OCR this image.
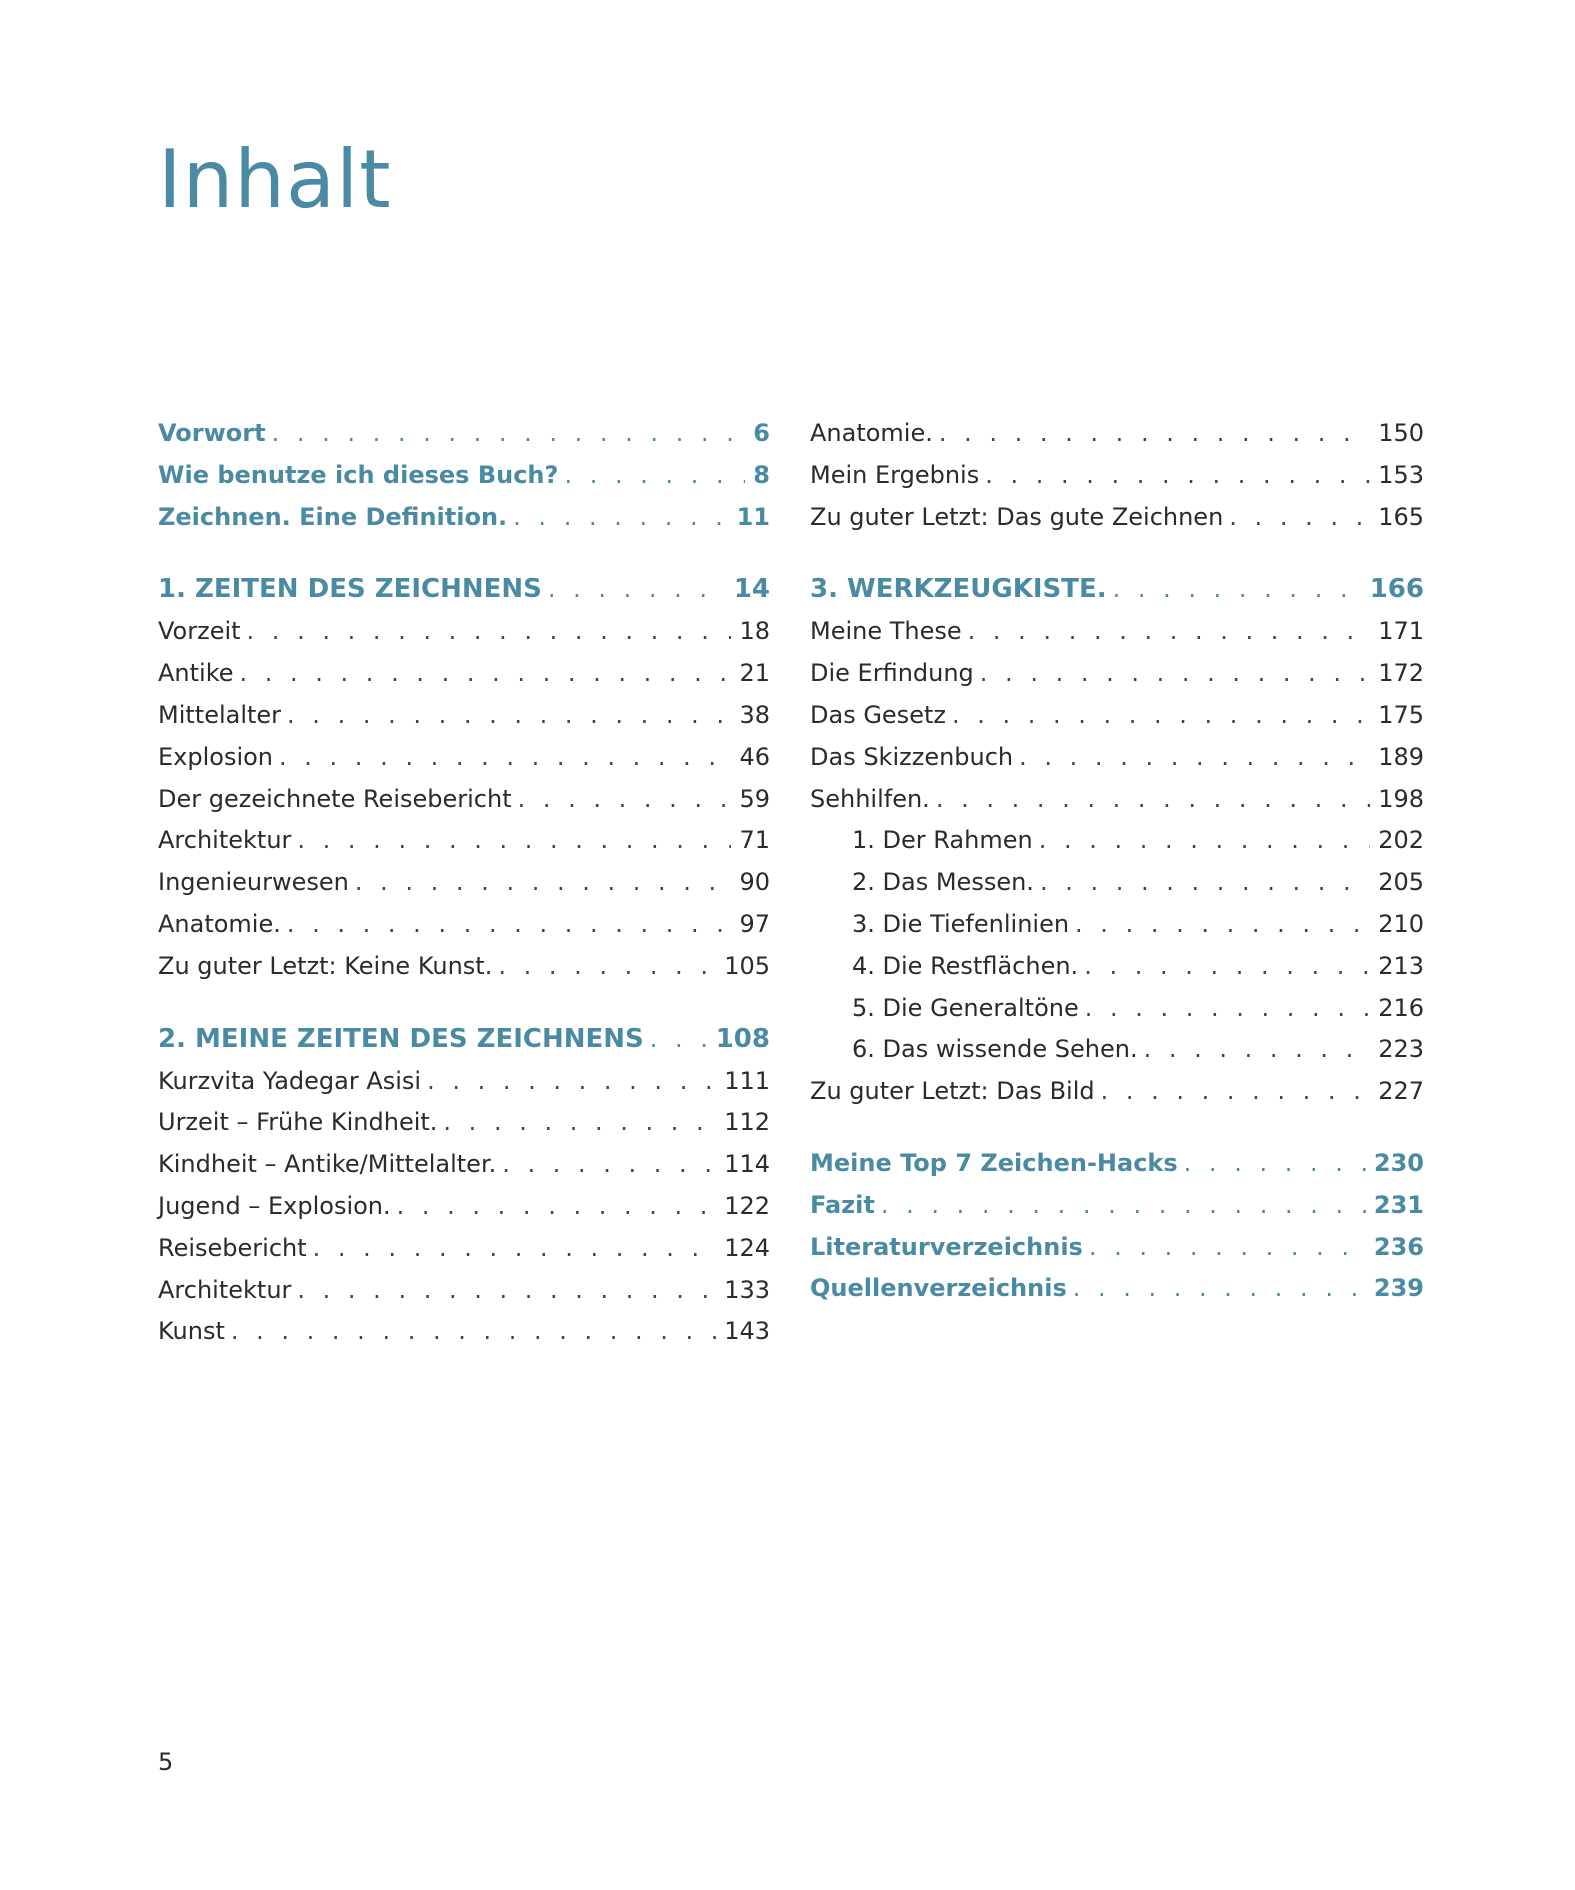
Inhalt
Vorwort . . .	6
Wie benutze ich dieses Buch? . . .	8
Zeichnen. Eine Definition. . . .	11
1. ZEITEN DES ZEICHNENS . . .	14
Vorzeit . . .	18
Antike . . .	21
Mittelalter . . .	38
Explosion . . .	46
Der gezeichnete Reisebericht . . .	59
Architektur . . .	71
Ingenieurwesen . . .	90
Anatomie. . . .	97
Zu guter Letzt: Keine Kunst. . . .	105
2. MEINE ZEITEN DES ZEICHNENS . . .	108
Kurzvita Yadegar Asisi . . .	111
Urzeit – Frühe Kindheit. . . .	112
Kindheit – Antike/Mittelalter. . . .	114
Jugend – Explosion. . . .	122
Reisebericht . . .	124
Architektur . . .	133
Kunst . . .	143
Anatomie. . . .	150
Mein Ergebnis . . .	153
Zu guter Letzt: Das gute Zeichnen . . .	165
3. WERKZEUGKISTE. . . .	166
Meine These . . .	171
Die Erfindung . . .	172
Das Gesetz . . .	175
Das Skizzenbuch . . .	189
Sehhilfen. . . .	198
1. Der Rahmen . . .	202
2. Das Messen. . . .	205
3. Die Tiefenlinien . . .	210
4. Die Restflächen. . . .	213
5. Die Generaltöne . . .	216
6. Das wissende Sehen. . . .	223
Zu guter Letzt: Das Bild . . .	227
Meine Top 7 Zeichen-Hacks . . .	230
Fazit . . .	231
Literaturverzeichnis . . .	236
Quellenverzeichnis . . .	239
5
